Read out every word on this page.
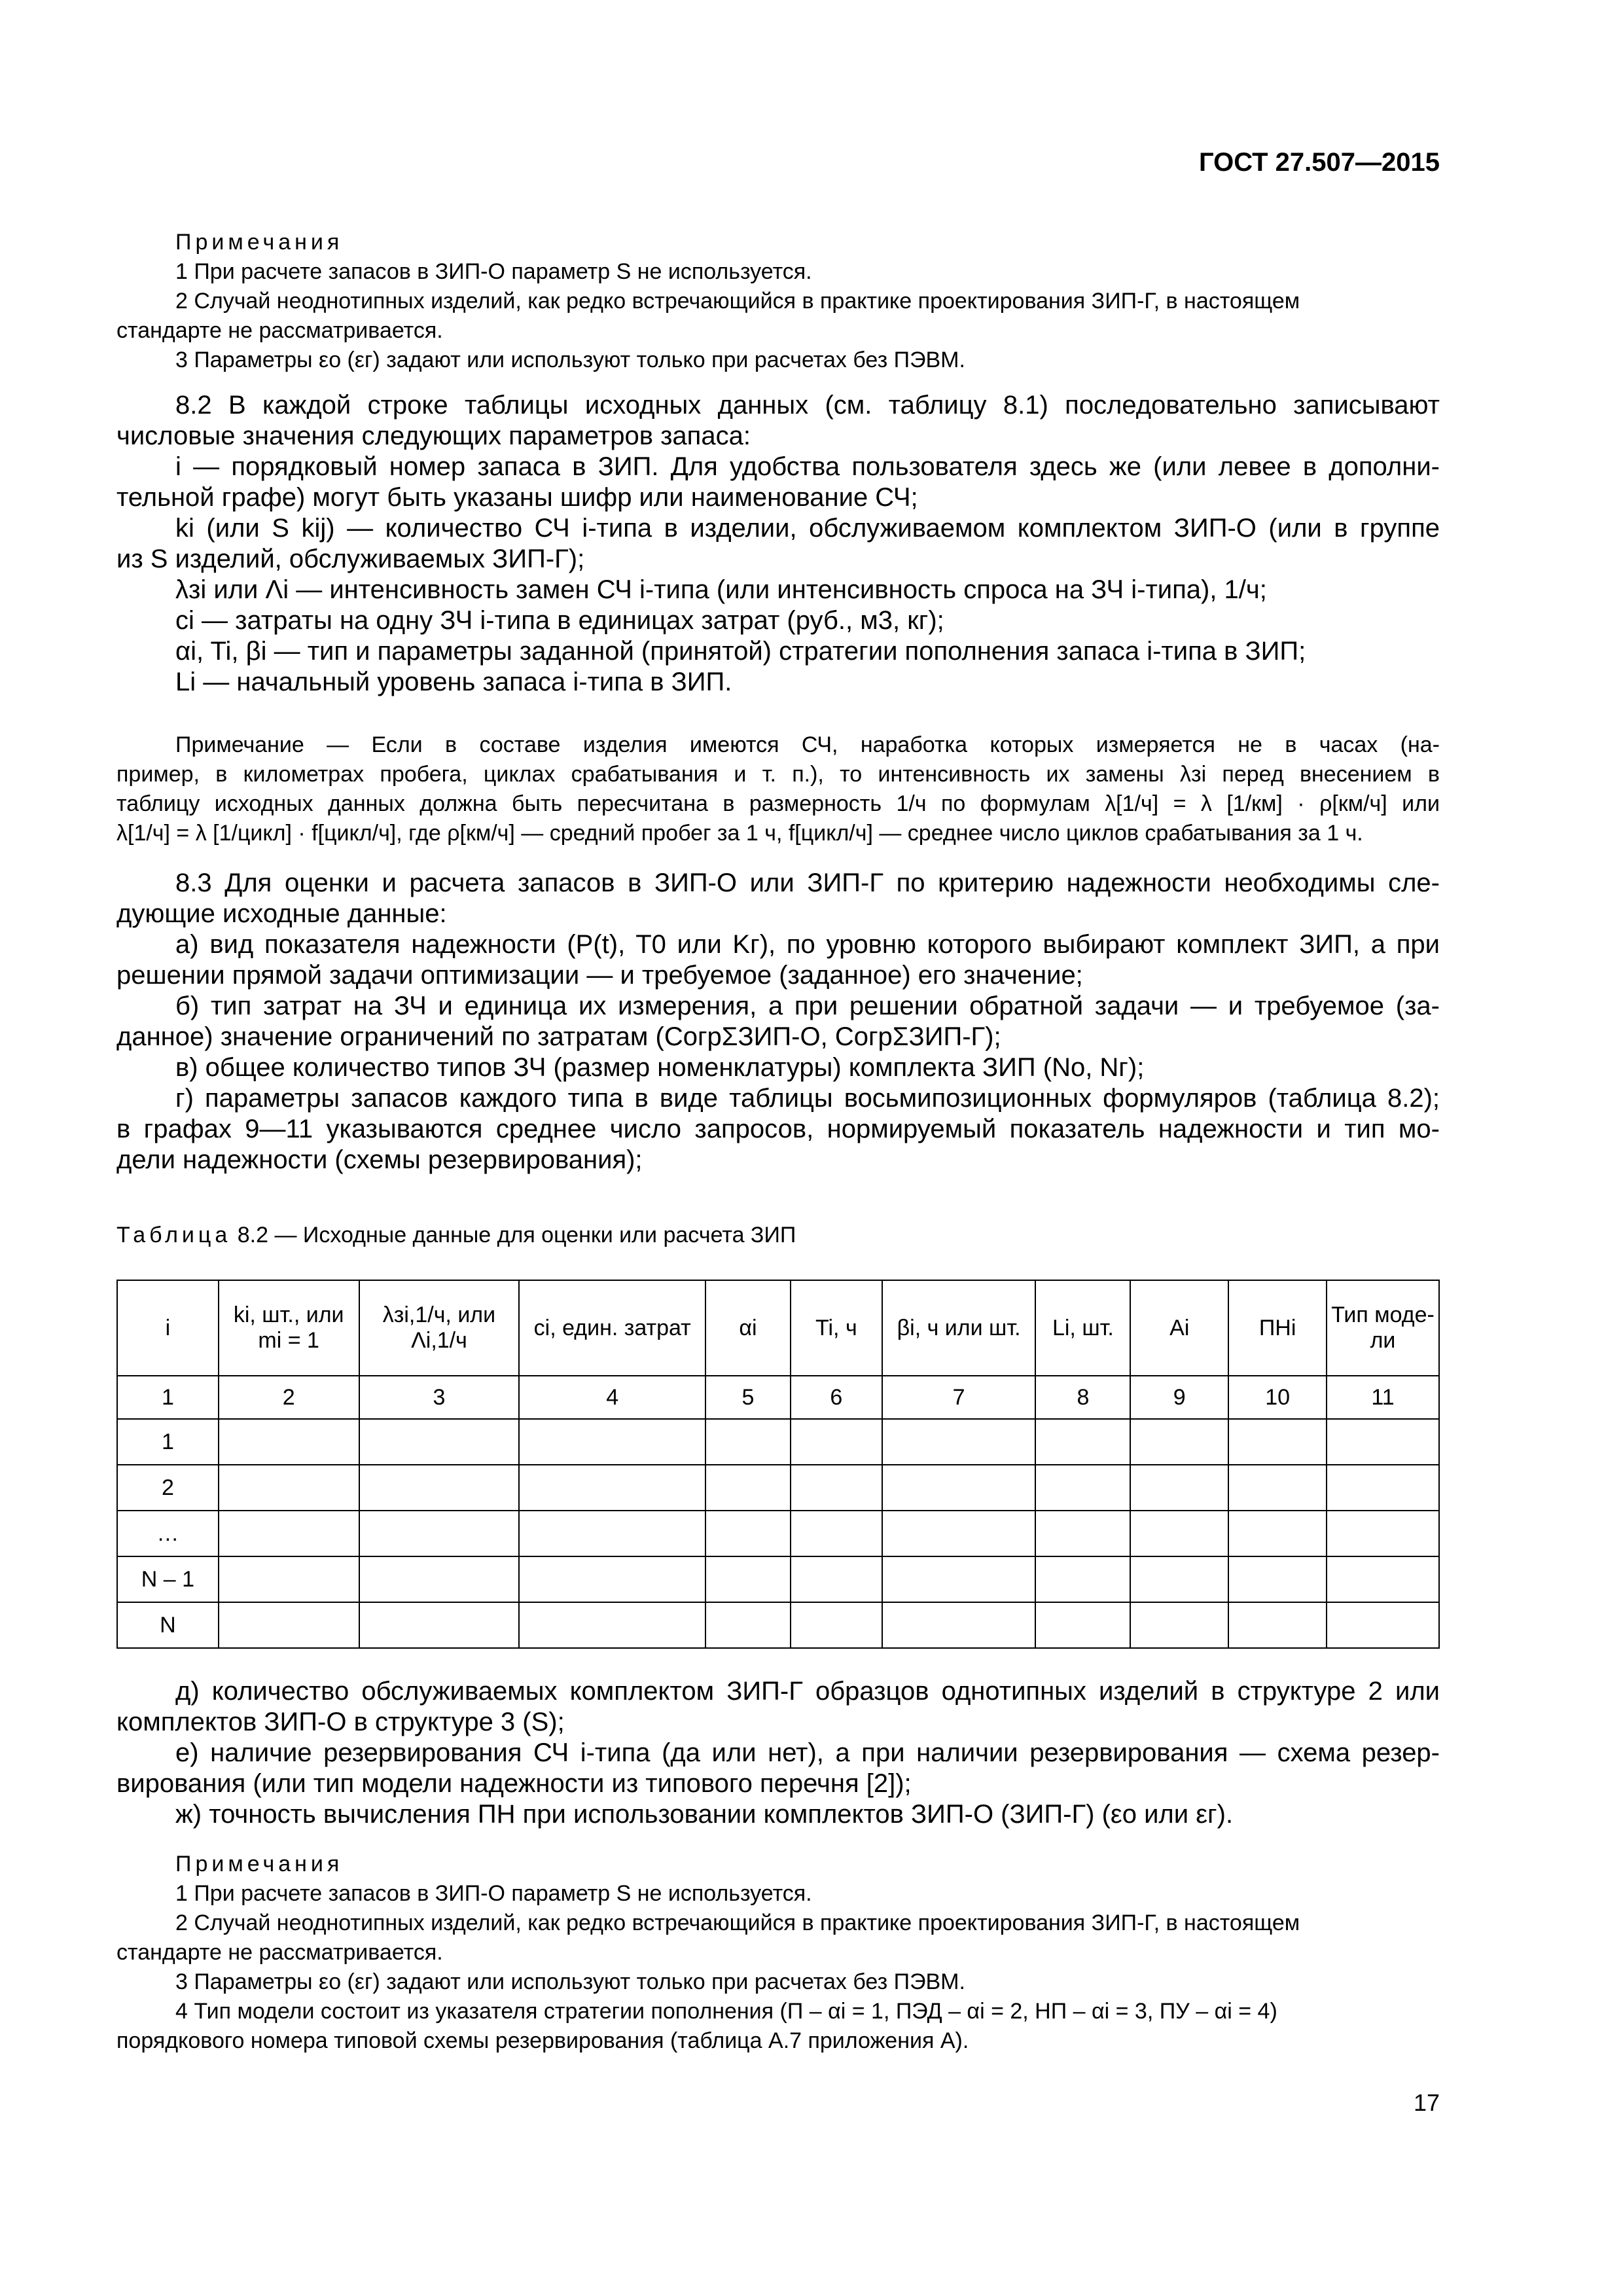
ГОСТ 27.507—2015

Примечания

1 При расчете запасов в ЗИП-О параметр S не используется.

2 Случай неоднотипных изделий, как редко встречающийся в практике проектирования ЗИП-Г, в настоящем

стандарте не рассматривается.

3 Параметры εo (εг) задают или используют только при расчетах без ПЭВМ.

8.2 В каждой строке таблицы исходных данных (см. таблицу 8.1) последовательно записывают

числовые значения следующих параметров запаса:

i — порядковый номер запаса в ЗИП. Для удобства пользователя здесь же (или левее в дополни-

тельной графе) могут быть указаны шифр или наименование СЧ;

ki (или S kij) — количество СЧ i-типа в изделии, обслуживаемом комплектом ЗИП-О (или в группе

из S изделий, обслуживаемых ЗИП-Г);

λзi или Λi — интенсивность замен СЧ i-типа (или интенсивность спроса на ЗЧ i-типа), 1/ч;

ci — затраты на одну ЗЧ i-типа в единицах затрат (руб., м3, кг);

αi, Ti, βi — тип и параметры заданной (принятой) стратегии пополнения запаса i-типа в ЗИП;

Li — начальный уровень запаса i-типа в ЗИП.

Примечание — Если в составе изделия имеются СЧ, наработка которых измеряется не в часах (на-

пример, в километрах пробега, циклах срабатывания и т. п.), то интенсивность их замены λзi перед внесением в

таблицу исходных данных должна быть пересчитана в размерность 1/ч по формулам λ[1/ч] = λ [1/км] · ρ[км/ч] или

λ[1/ч] = λ [1/цикл] · f[цикл/ч], где ρ[км/ч] — средний пробег за 1 ч, f[цикл/ч] — среднее число циклов срабатывания за 1 ч.

8.3 Для оценки и расчета запасов в ЗИП-О или ЗИП-Г по критерию надежности необходимы сле-

дующие исходные данные:

а) вид показателя надежности (P(t), T0 или Kг), по уровню которого выбирают комплект ЗИП, а при

решении прямой задачи оптимизации — и требуемое (заданное) его значение;

б) тип затрат на ЗЧ и единица их измерения, а при решении обратной задачи — и требуемое (за-

данное) значение ограничений по затратам (CогрΣЗИП-О, CогрΣЗИП-Г);

в) общее количество типов ЗЧ (размер номенклатуры) комплекта ЗИП (Nо, Nг);

г) параметры запасов каждого типа в виде таблицы восьмипозиционных формуляров (таблица 8.2);

в графах 9—11 указываются среднее число запросов, нормируемый показатель надежности и тип мо-

дели надежности (схемы резервирования);

Таблица 8.2 — Исходные данные для оценки или расчета ЗИП
i	ki, шт., или mi = 1	λзi,1/ч, или Λi,1/ч	ci, един. затрат	αi	Ti, ч	βi, ч или шт.	Li, шт.	Ai	ПНi	Тип моде-ли
1	2	3	4	5	6	7	8	9	10	11
1										
2										
…										
N – 1										
N										

д) количество обслуживаемых комплектом ЗИП-Г образцов однотипных изделий в структуре 2 или

комплектов ЗИП-О в структуре 3 (S);

е) наличие резервирования СЧ i-типа (да или нет), а при наличии резервирования — схема резер-

вирования (или тип модели надежности из типового перечня [2]);

ж) точность вычисления ПН при использовании комплектов ЗИП-О (ЗИП-Г) (εо или εг).

Примечания

1 При расчете запасов в ЗИП-О параметр S не используется.

2 Случай неоднотипных изделий, как редко встречающийся в практике проектирования ЗИП-Г, в настоящем

стандарте не рассматривается.

3 Параметры εo (εг) задают или используют только при расчетах без ПЭВМ.

4 Тип модели состоит из указателя стратегии пополнения (П – αi = 1, ПЭД – αi = 2, НП – αi = 3, ПУ – αi = 4)

порядкового номера типовой схемы резервирования (таблица А.7 приложения А).

17
